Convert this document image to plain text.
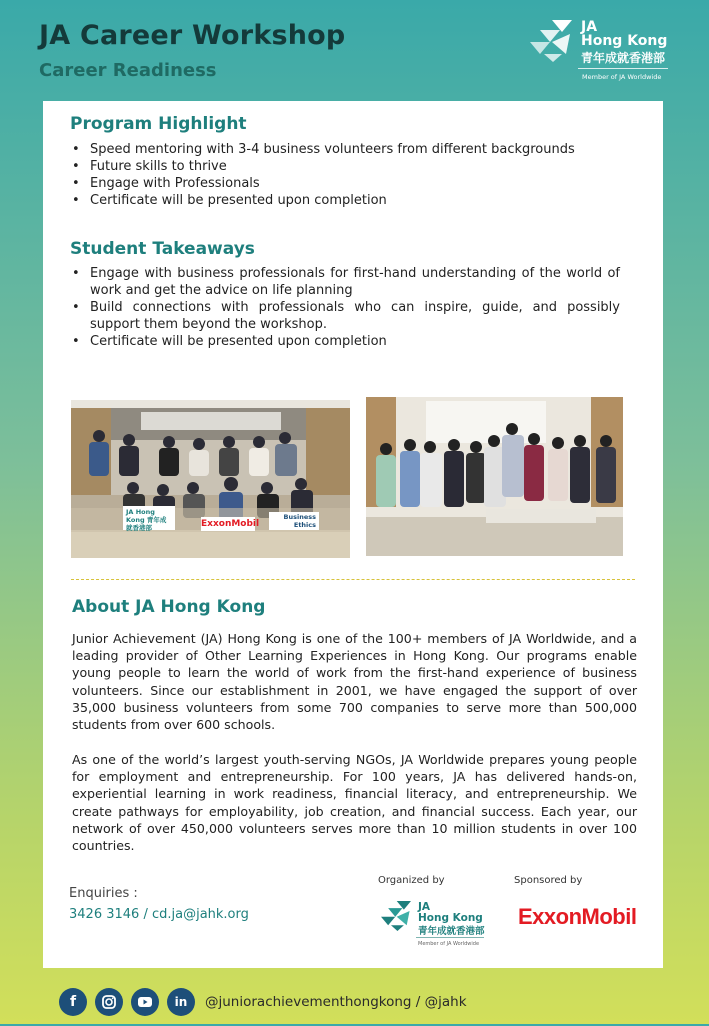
JA Career Workshop
Career Readiness
JA
Hong Kong
青年成就香港部
Member of JA Worldwide
Program Highlight
• Speed mentoring with 3-4 business volunteers from different backgrounds
• Future skills to thrive
• Engage with Professionals
• Certificate will be presented upon completion
Student Takeaways
• Engage with business professionals for first-hand understanding of the world of work and get the advice on life planning
• Build connections with professionals who can inspire, guide, and possibly support them beyond the workshop.
• Certificate will be presented upon completion
JA Hong Kong 青年成就香港部	ExxonMobil
Business Ethics
About JA Hong Kong
Junior Achievement (JA) Hong Kong is one of the 100+ members of JA Worldwide, and a leading provider of Other Learning Experiences in Hong Kong. Our programs enable young people to learn the world of work from the first-hand experience of business volunteers. Since our establishment in 2001, we have engaged the support of over 35,000 business volunteers from some 700 companies to serve more than 500,000 students from over 600 schools.
As one of the world’s largest youth-serving NGOs, JA Worldwide prepares young people for employment and entrepreneurship. For 100 years, JA has delivered hands-on, experiential learning in work readiness, financial literacy, and entrepreneurship. We create pathways for employability, job creation, and financial success. Each year, our network of over 450,000 volunteers serves more than 10 million students in over 100 countries.
Enquiries :
3426 3146 / cd.ja@jahk.org
Organized by	Sponsored by
JA
Hong Kong
青年成就香港部
Member of JA Worldwide
ExxonMobil
f	in	@juniorachievementhongkong / @jahk
